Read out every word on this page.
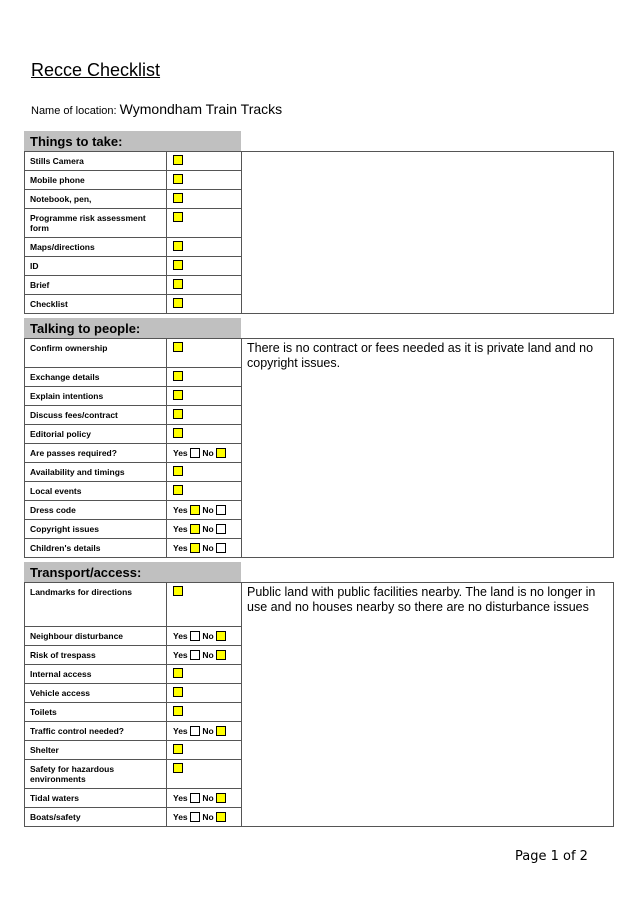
Recce Checklist
Name of location: Wymondham Train Tracks
Things to take:
Stills Camera		
Mobile phone		
Notebook, pen,		
Programme risk assessment form		
Maps/directions		
ID		
Brief		
Checklist		
Talking to people:
Confirm ownership		There is no contract or fees needed as it is private land and no copyright issues.
Exchange details		
Explain intentions		
Discuss fees/contract		
Editorial policy		
Are passes required?	Yes No	
Availability and timings		
Local events		
Dress code	Yes No	
Copyright issues	Yes No	
Children's details	Yes No	
Transport/access:
Landmarks for directions		Public land with public facilities nearby. The land is no longer in use and no houses nearby so there are no disturbance issues
Neighbour disturbance	Yes No	
Risk of trespass	Yes No	
Internal access		
Vehicle access		
Toilets		
Traffic control needed?	Yes No	
Shelter		
Safety for hazardous environments		
Tidal waters	Yes No	
Boats/safety	Yes No	
Page 1 of 2
